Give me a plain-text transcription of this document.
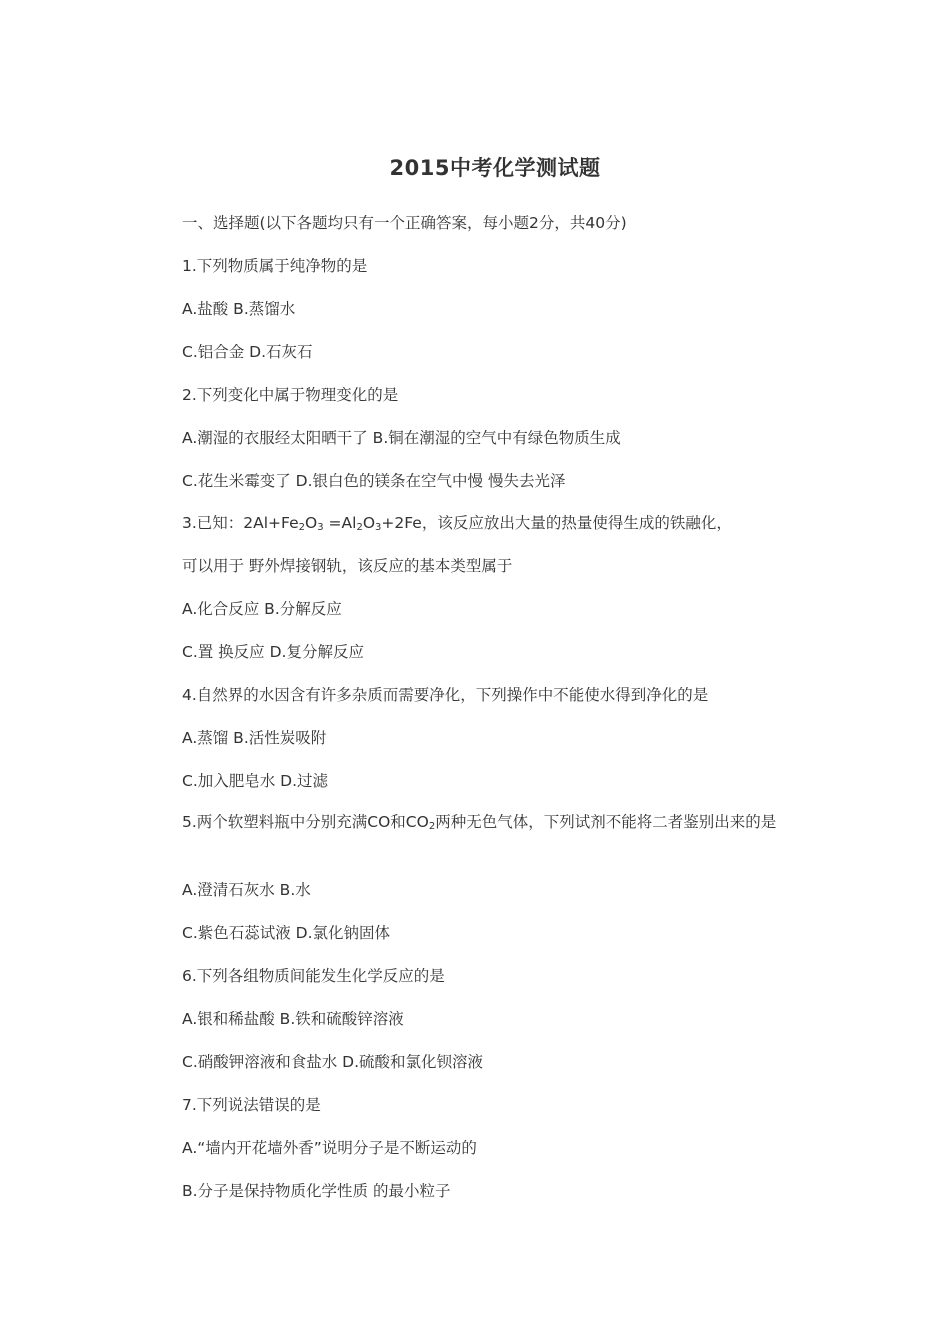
2015中考化学测试题
一、选择题(以下各题均只有一个正确答案，每小题2分，共40分)
1.下列物质属于纯净物的是
A.盐酸 B.蒸馏水
C.铝合金 D.石灰石
2.下列变化中属于物理变化的是
A.潮湿的衣服经太阳晒干了 B.铜在潮湿的空气中有绿色物质生成
C.花生米霉变了 D.银白色的镁条在空气中慢 慢失去光泽
3.已知：$2Al+Fe_2O_3 =Al_2O_3+2Fe$，该反应放出大量的热量使得生成的铁融化，
可以用于 野外焊接钢轨，该反应的基本类型属于
A.化合反应 B.分解反应
C.置 换反应 D.复分解反应
4.自然界的水因含有许多杂质而需要净化，下列操作中不能使水得到净化的是
A.蒸馏 B.活性炭吸附
C.加入肥皂水 D.过滤
5.两个软塑料瓶中分别充满CO和$CO_2$两种无色气体，下列试剂不能将二者鉴别出来的是
A.澄清石灰水 B.水
C.紫色石蕊试液 D.氯化钠固体
6.下列各组物质间能发生化学反应的是
A.银和稀盐酸 B.铁和硫酸锌溶液
C.硝酸钾溶液和食盐水 D.硫酸和氯化钡溶液
7.下列说法错误的是
A.“墙内开花墙外香”说明分子是不断运动的
B.分子是保持物质化学性质 的最小粒子
